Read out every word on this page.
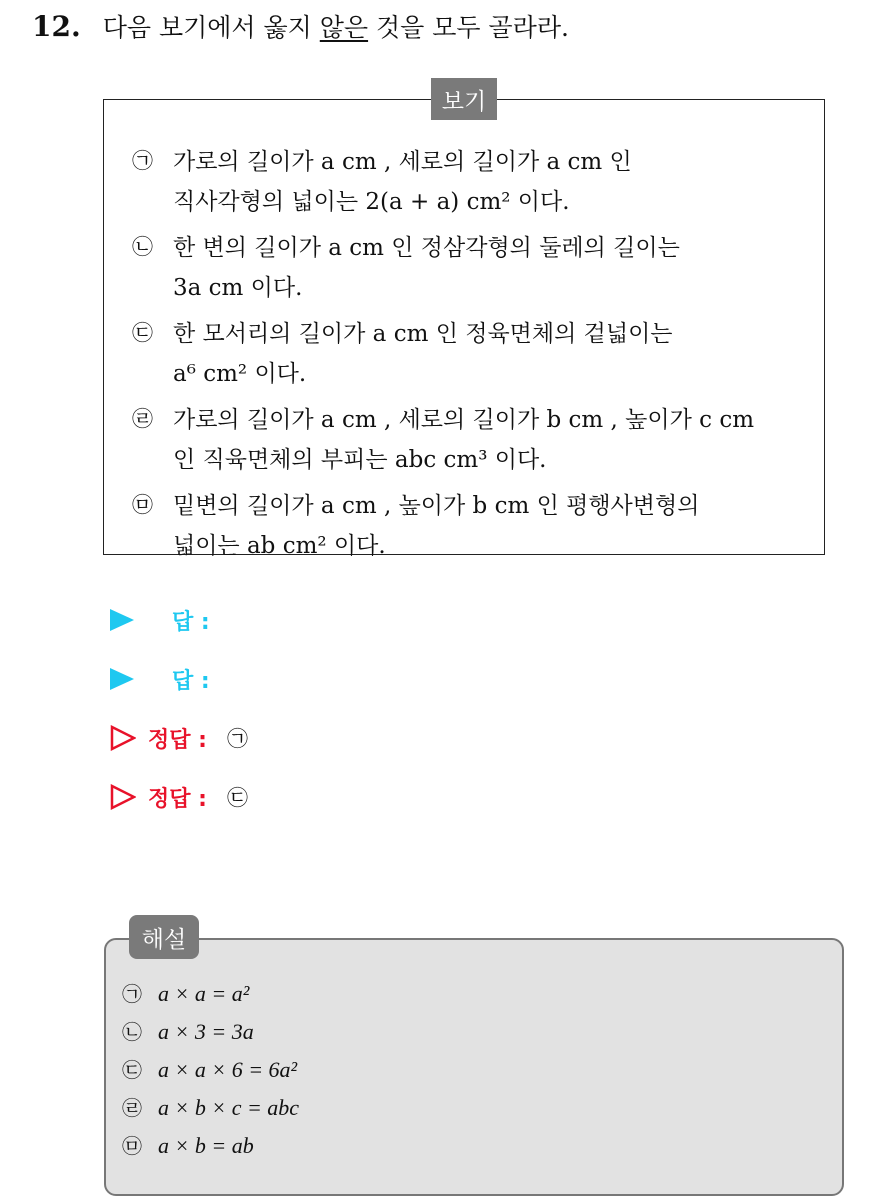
12. 다음 보기에서 옳지 않은 것을 모두 골라라.
보기
㉠ 가로의 길이가 a cm , 세로의 길이가 a cm 인
직사각형의 넓이는 2(a + a) cm² 이다.
㉡ 한 변의 길이가 a cm 인 정삼각형의 둘레의 길이는
3a cm 이다.
㉢ 한 모서리의 길이가 a cm 인 정육면체의 겉넓이는
a⁶ cm² 이다.
㉣ 가로의 길이가 a cm , 세로의 길이가 b cm , 높이가 c cm
인 직육면체의 부피는 abc cm³ 이다.
㉤ 밑변의 길이가 a cm , 높이가 b cm 인 평행사변형의
넓이는 ab cm² 이다.
답 :
답 :
정답 : ㉠
정답 : ㉢
해설
㉠ a × a = a²
㉡ a × 3 = 3a
㉢ a × a × 6 = 6a²
㉣ a × b × c = abc
㉤ a × b = ab
